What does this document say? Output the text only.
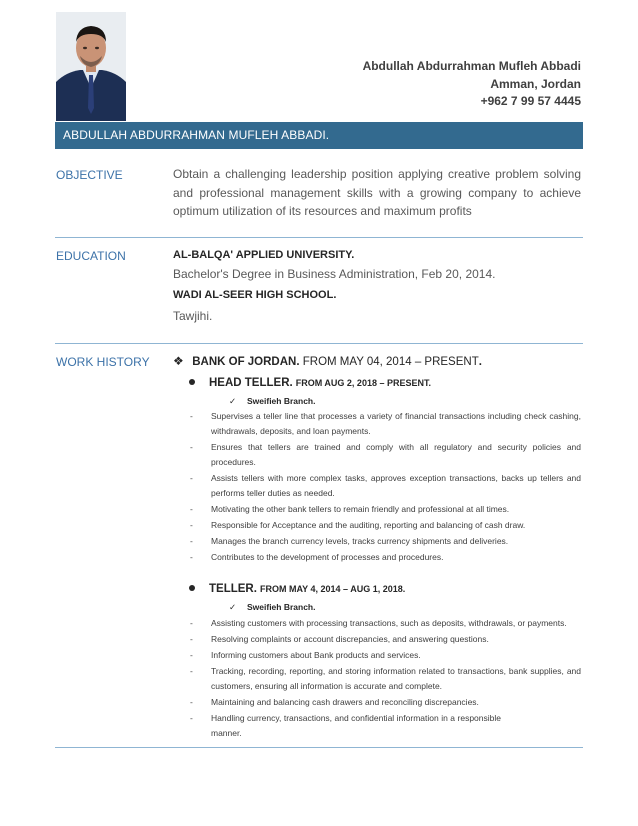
Abdullah Abdurrahman Mufleh Abbadi
Amman, Jordan
+962 7 99 57 4445
ABDULLAH ABDURRAHMAN MUFLEH ABBADI.
OBJECTIVE	Obtain a challenging leadership position applying creative problem solving and professional management skills with a growing company to achieve optimum utilization of its resources and maximum profits

EDUCATION	AL-BALQA' APPLIED UNIVERSITY.

Bachelor's Degree in Business Administration, Feb 20, 2014.

WADI AL-SEER HIGH SCHOOL.

Tawjihi.

WORK HISTORY ❖ BANK OF JORDAN. FROM MAY 04, 2014 – PRESENT.
HEAD TELLER. FROM AUG 2, 2018 – PRESENT.
✓ Sweifieh Branch.
- Supervises a teller line that processes a variety of financial transactions including check cashing, withdrawals, deposits, and loan payments.
- Ensures that tellers are trained and comply with all regulatory and security policies and procedures.
- Assists tellers with more complex tasks, approves exception transactions, backs up tellers and performs teller duties as needed.
- Motivating the other bank tellers to remain friendly and professional at all times.
- Responsible for Acceptance and the auditing, reporting and balancing of cash draw.
- Manages the branch currency levels, tracks currency shipments and deliveries.
- Contributes to the development of processes and procedures.
TELLER. FROM MAY 4, 2014 – AUG 1, 2018.
✓ Sweifieh Branch.
- Assisting customers with processing transactions, such as deposits, withdrawals, or payments.
- Resolving complaints or account discrepancies, and answering questions.
- Informing customers about Bank products and services.
- Tracking, recording, reporting, and storing information related to transactions, bank supplies, and customers, ensuring all information is accurate and complete.
- Maintaining and balancing cash drawers and reconciling discrepancies.
- Handling currency, transactions, and confidential information in a responsible manner.
